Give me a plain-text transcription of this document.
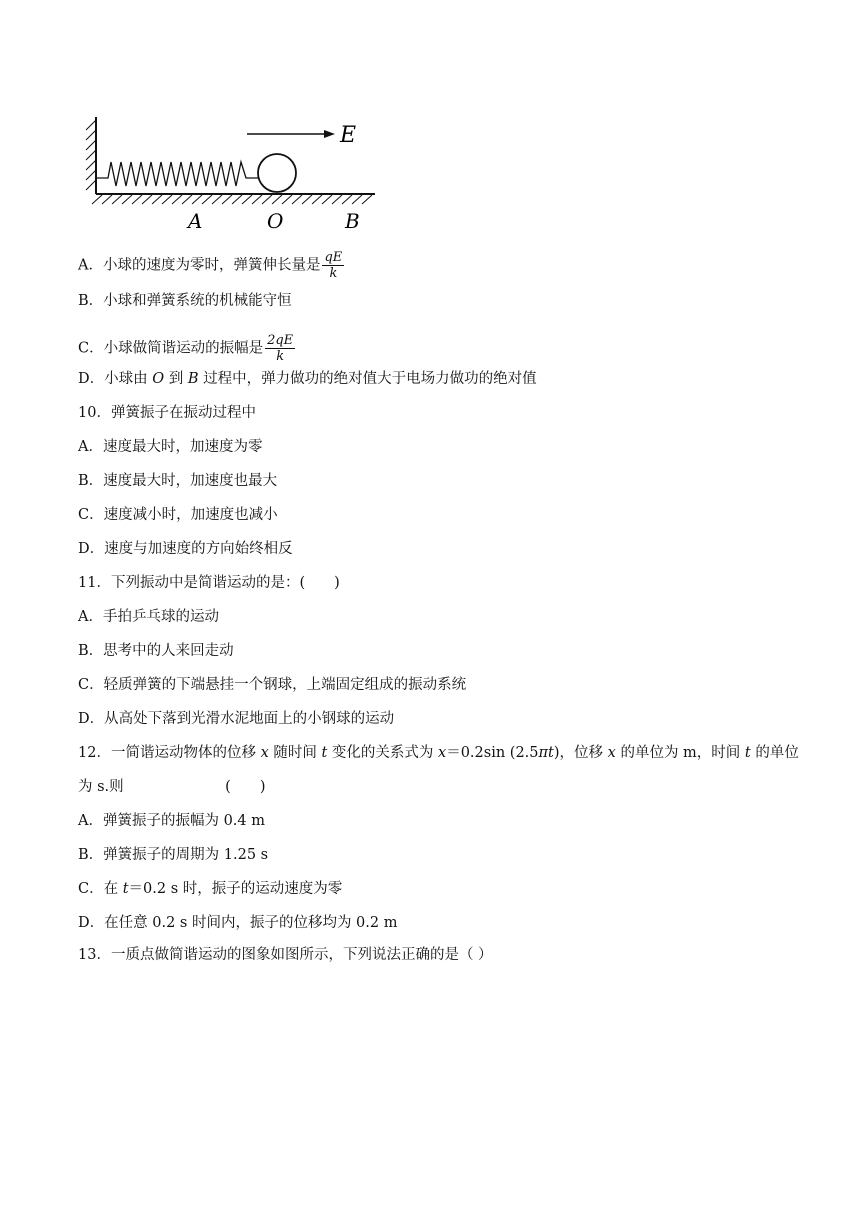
E
A	O	B
A．小球的速度为零时，弹簧伸长量是 $\frac{qE}{k}$
B．小球和弹簧系统的机械能守恒
C．小球做简谐运动的振幅是 $\frac{2qE}{k}$
D．小球由 O 到 B 过程中，弹力做功的绝对值大于电场力做功的绝对值
10．弹簧振子在振动过程中
A．速度最大时，加速度为零
B．速度最大时，加速度也最大
C．速度减小时，加速度也减小
D．速度与加速度的方向始终相反
11．下列振动中是简谐运动的是：(　　)
A．手拍乒乓球的运动
B．思考中的人来回走动
C．轻质弹簧的下端悬挂一个钢球，上端固定组成的振动系统
D．从高处下落到光滑水泥地面上的小钢球的运动
12．一简谐运动物体的位移 x 随时间 t 变化的关系式为 x＝0.2sin (2.5πt)，位移 x 的单位为 m，时间 t 的单位
为 s.则　　　　　　　(　　)
A．弹簧振子的振幅为 0.4 m
B．弹簧振子的周期为 1.25 s
C．在 t＝0.2 s 时，振子的运动速度为零
D．在任意 0.2 s 时间内，振子的位移均为 0.2 m
13．一质点做简谐运动的图象如图所示，下列说法正确的是（ ）
